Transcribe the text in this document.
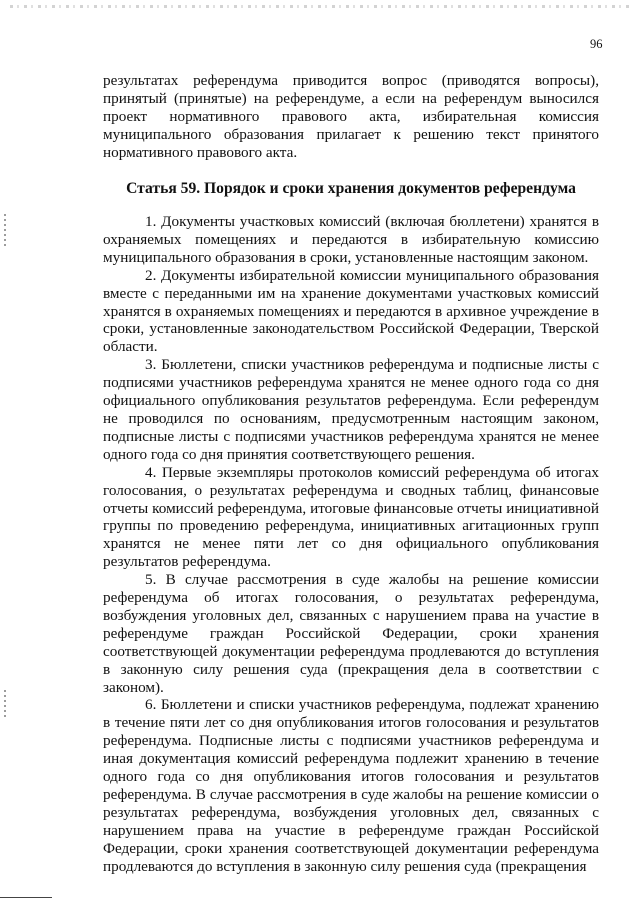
96

результатах референдума приводится вопрос (приводятся вопросы), принятый (принятые) на референдуме, а если на референдум выносился проект нормативного правового акта, избирательная комиссия муниципального образования прилагает к решению текст принятого нормативного правового акта.

Статья 59. Порядок и сроки хранения документов референдума

1. Документы участковых комиссий (включая бюллетени) хранятся в охраняемых помещениях и передаются в избирательную комиссию муниципального образования в сроки, установленные настоящим законом.

2. Документы избирательной комиссии муниципального образования вместе с переданными им на хранение документами участковых комиссий хранятся в охраняемых помещениях и передаются в архивное учреждение в сроки, установленные законодательством Российской Федерации, Тверской области.

3. Бюллетени, списки участников референдума и подписные листы с подписями участников референдума хранятся не менее одного года со дня официального опубликования результатов референдума. Если референдум не проводился по основаниям, предусмотренным настоящим законом, подписные листы с подписями участников референдума хранятся не менее одного года со дня принятия соответствующего решения.

4. Первые экземпляры протоколов комиссий референдума об итогах голосования, о результатах референдума и сводных таблиц, финансовые отчеты комиссий референдума, итоговые финансовые отчеты инициативной группы по проведению референдума, инициативных агитационных групп хранятся не менее пяти лет со дня официального опубликования результатов референдума.

5. В случае рассмотрения в суде жалобы на решение комиссии референдума об итогах голосования, о результатах референдума, возбуждения уголовных дел, связанных с нарушением права на участие в референдуме граждан Российской Федерации, сроки хранения соответствующей документации референдума продлеваются до вступления в законную силу решения суда (прекращения дела в соответствии с законом).

6. Бюллетени и списки участников референдума, подлежат хранению в течение пяти лет со дня опубликования итогов голосования и результатов референдума. Подписные листы с подписями участников референдума и иная документация комиссий референдума подлежит хранению в течение одного года со дня опубликования итогов голосования и результатов референдума. В случае рассмотрения в суде жалобы на решение комиссии о результатах референдума, возбуждения уголовных дел, связанных с нарушением права на участие в референдуме граждан Российской Федерации, сроки хранения соответствующей документации референдума продлеваются до вступления в законную силу решения суда (прекращения
